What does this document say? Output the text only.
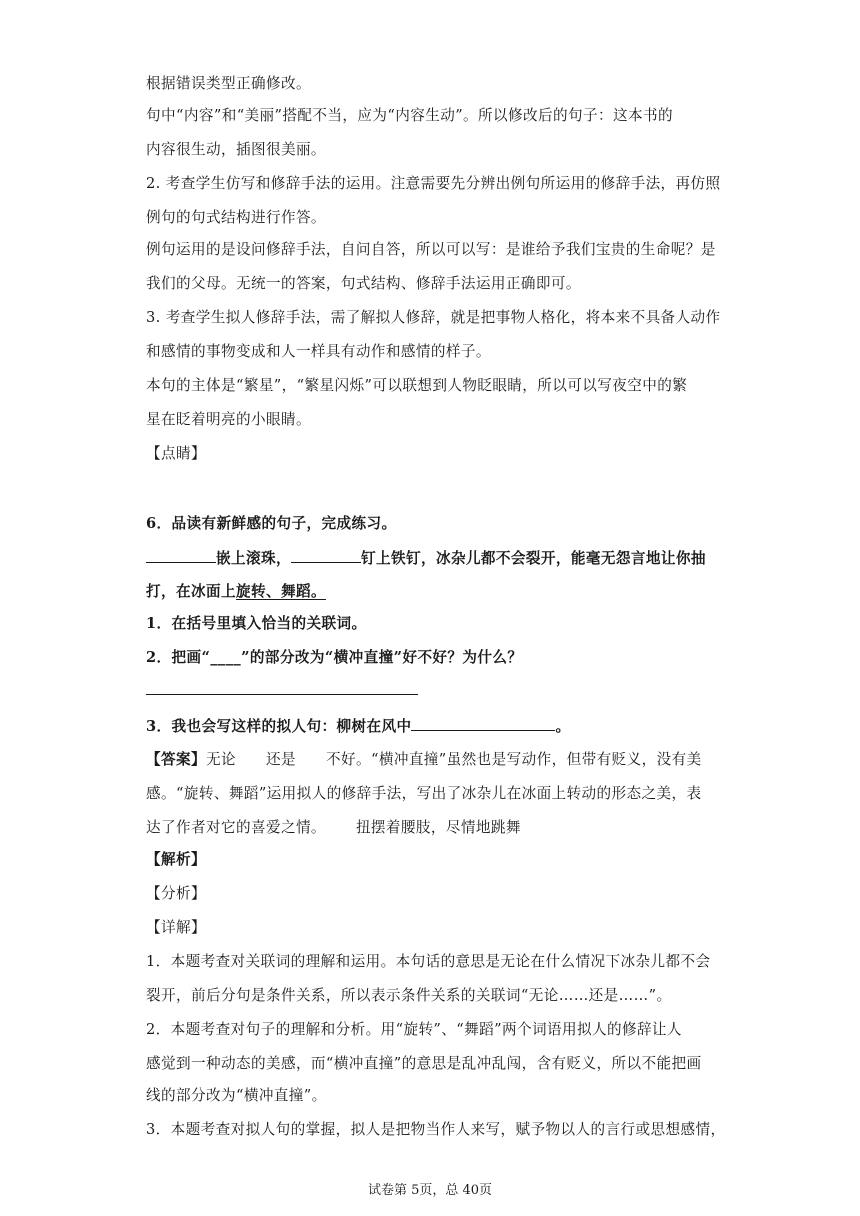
根据错误类型正确修改。
句中“内容”和“美丽”搭配不当，应为“内容生动”。所以修改后的句子：这本书的
内容很生动，插图很美丽。
2. 考查学生仿写和修辞手法的运用。注意需要先分辨出例句所运用的修辞手法，再仿照
例句的句式结构进行作答。
例句运用的是设问修辞手法，自问自答，所以可以写：是谁给予我们宝贵的生命呢？是
我们的父母。无统一的答案，句式结构、修辞手法运用正确即可。
3. 考查学生拟人修辞手法，需了解拟人修辞，就是把事物人格化，将本来不具备人动作
和感情的事物变成和人一样具有动作和感情的样子。
本句的主体是“繁星”，“繁星闪烁”可以联想到人物眨眼睛，所以可以写夜空中的繁
星在眨着明亮的小眼睛。
【点睛】
6．品读有新鲜感的句子，完成练习。
嵌上滚珠，	钉上铁钉，冰杂儿都不会裂开，能毫无怨言地让你抽
打，在冰面上旋转、舞蹈。
1．在括号里填入恰当的关联词。
2．把画“____”的部分改为“横冲直撞”好不好？为什么？
3．我也会写这样的拟人句：柳树在风中	。
【答案】无论 还是 不好。“横冲直撞”虽然也是写动作，但带有贬义，没有美
感。“旋转、舞蹈”运用拟人的修辞手法，写出了冰杂儿在冰面上转动的形态之美，表
达了作者对它的喜爱之情。 扭摆着腰肢，尽情地跳舞
【解析】
【分析】
【详解】
1．本题考查对关联词的理解和运用。本句话的意思是无论在什么情况下冰杂儿都不会
裂开，前后分句是条件关系，所以表示条件关系的关联词“无论……还是……”。
2．本题考查对句子的理解和分析。用“旋转”、“舞蹈”两个词语用拟人的修辞让人
感觉到一种动态的美感，而“横冲直撞”的意思是乱冲乱闯，含有贬义，所以不能把画
线的部分改为“横冲直撞”。
3．本题考查对拟人句的掌握，拟人是把物当作人来写，赋予物以人的言行或思想感情，
试卷第 5页，总 40页
